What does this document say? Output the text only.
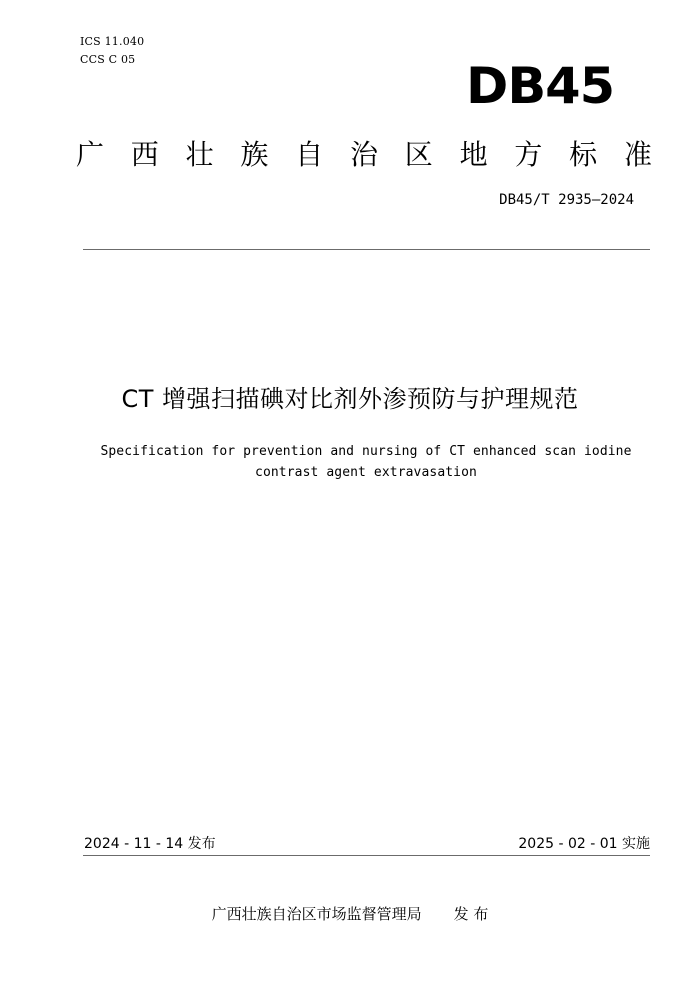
ICS 11.040
CCS C 05	DB45
广 西 壮 族 自 治 区 地 方 标 准
DB45/T 2935—2024
CT 增强扫描碘对比剂外渗预防与护理规范
Specification for prevention and nursing of CT enhanced scan iodine contrast agent extravasation
2024 - 11 - 14 发布	2025 - 02 - 01 实施
广西壮族自治区市场监督管理局 发 布
